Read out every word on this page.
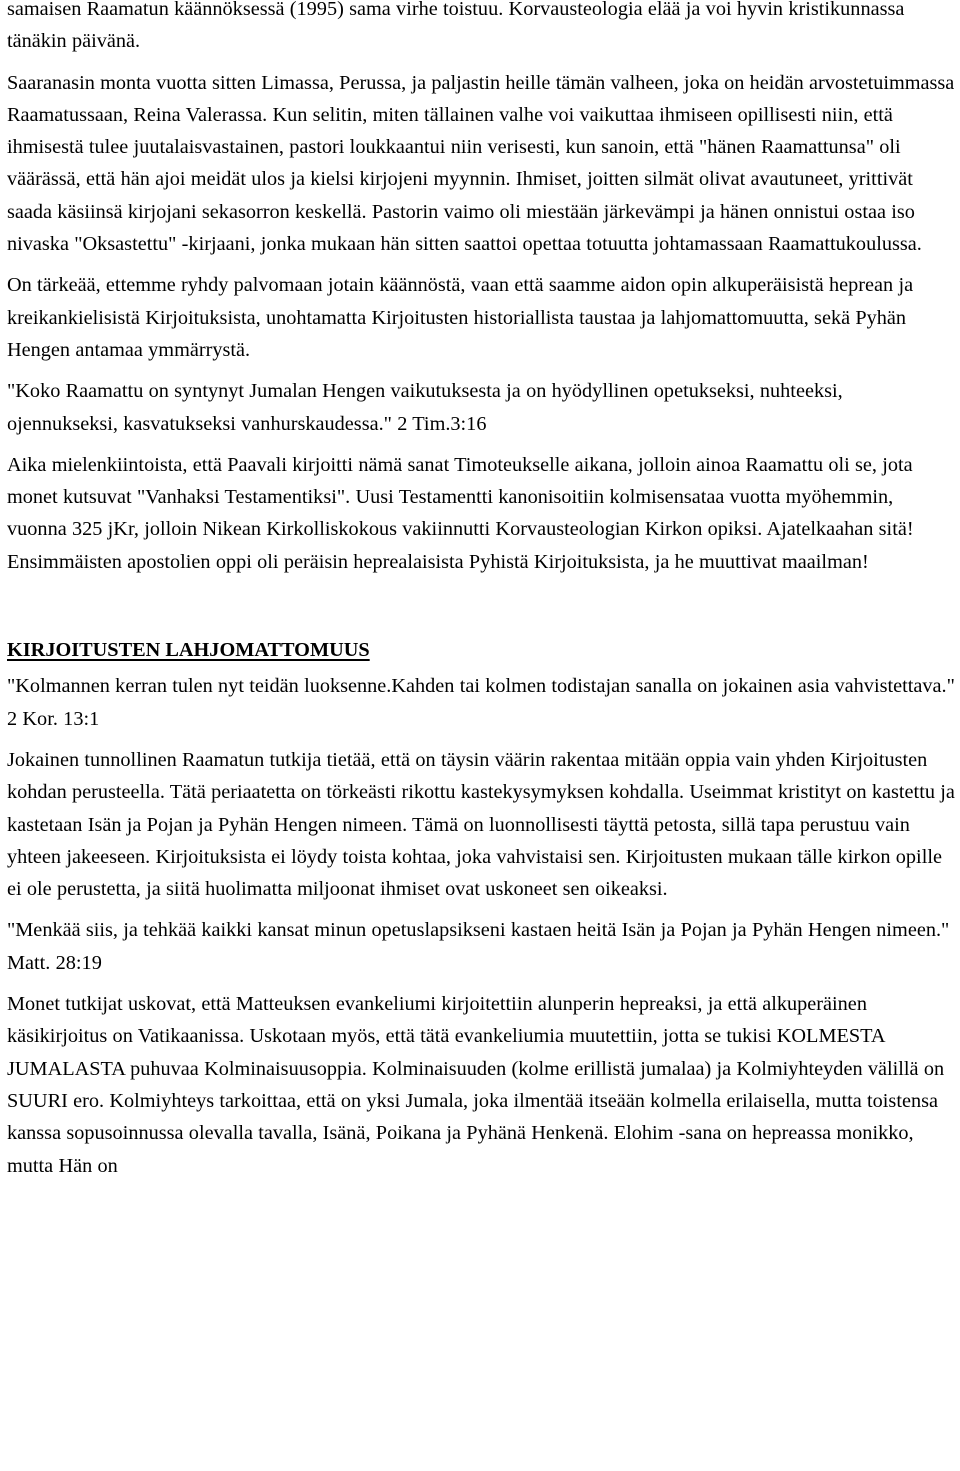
samaisen Raamatun käännöksessä (1995) sama virhe toistuu. Korvausteologia elää ja voi hyvin kristikunnassa tänäkin päivänä.

Saaranasin monta vuotta sitten Limassa, Perussa, ja paljastin heille tämän valheen, joka on heidän arvostetuimmassa Raamatussaan, Reina Valerassa. Kun selitin, miten tällainen valhe voi vaikuttaa ihmiseen opillisesti niin, että ihmisestä tulee juutalaisvastainen, pastori loukkaantui niin verisesti, kun sanoin, että "hänen Raamattunsa" oli väärässä, että hän ajoi meidät ulos ja kielsi kirjojeni myynnin. Ihmiset, joitten silmät olivat avautuneet, yrittivät saada käsiinsä kirjojani sekasorron keskellä. Pastorin vaimo oli miestään järkevämpi ja hänen onnistui ostaa iso nivaska "Oksastettu" -kirjaani, jonka mukaan hän sitten saattoi opettaa totuutta johtamassaan Raamattukoulussa.

On tärkeää, ettemme ryhdy palvomaan jotain käännöstä, vaan että saamme aidon opin alkuperäisistä heprean ja kreikankielisistä Kirjoituksista, unohtamatta Kirjoitusten historiallista taustaa ja lahjomattomuutta, sekä Pyhän Hengen antamaa ymmärrystä.

"Koko Raamattu on syntynyt Jumalan Hengen vaikutuksesta ja on hyödyllinen opetukseksi, nuhteeksi, ojennukseksi, kasvatukseksi vanhurskaudessa." 2 Tim.3:16

Aika mielenkiintoista, että Paavali kirjoitti nämä sanat Timoteukselle aikana, jolloin ainoa Raamattu oli se, jota monet kutsuvat "Vanhaksi Testamentiksi". Uusi Testamentti kanonisoitiin kolmisensataa vuotta myöhemmin, vuonna 325 jKr, jolloin Nikean Kirkolliskokous vakiinnutti Korvausteologian Kirkon opiksi. Ajatelkaahan sitä! Ensimmäisten apostolien oppi oli peräisin heprealaisista Pyhistä Kirjoituksista, ja he muuttivat maailman!

KIRJOITUSTEN LAHJOMATTOMUUS

"Kolmannen kerran tulen nyt teidän luoksenne.Kahden tai kolmen todistajan sanalla on jokainen asia vahvistettava." 2 Kor. 13:1

Jokainen tunnollinen Raamatun tutkija tietää, että on täysin väärin rakentaa mitään oppia vain yhden Kirjoitusten kohdan perusteella. Tätä periaatetta on törkeästi rikottu kastekysymyksen kohdalla. Useimmat kristityt on kastettu ja kastetaan Isän ja Pojan ja Pyhän Hengen nimeen. Tämä on luonnollisesti täyttä petosta, sillä tapa perustuu vain yhteen jakeeseen. Kirjoituksista ei löydy toista kohtaa, joka vahvistaisi sen. Kirjoitusten mukaan tälle kirkon opille ei ole perustetta, ja siitä huolimatta miljoonat ihmiset ovat uskoneet sen oikeaksi.

"Menkää siis, ja tehkää kaikki kansat minun opetuslapsikseni kastaen heitä Isän ja Pojan ja Pyhän Hengen nimeen." Matt. 28:19

Monet tutkijat uskovat, että Matteuksen evankeliumi kirjoitettiin alunperin hepreaksi, ja että alkuperäinen käsikirjoitus on Vatikaanissa. Uskotaan myös, että tätä evankeliumia muutettiin, jotta se tukisi KOLMESTA JUMALASTA puhuvaa Kolminaisuusoppia. Kolminaisuuden (kolme erillistä jumalaa) ja Kolmiyhteyden välillä on SUURI ero. Kolmiyhteys tarkoittaa, että on yksi Jumala, joka ilmentää itseään kolmella erilaisella, mutta toistensa kanssa sopusoinnussa olevalla tavalla, Isänä, Poikana ja Pyhänä Henkenä. Elohim -sana on hepreassa monikko, mutta Hän on
